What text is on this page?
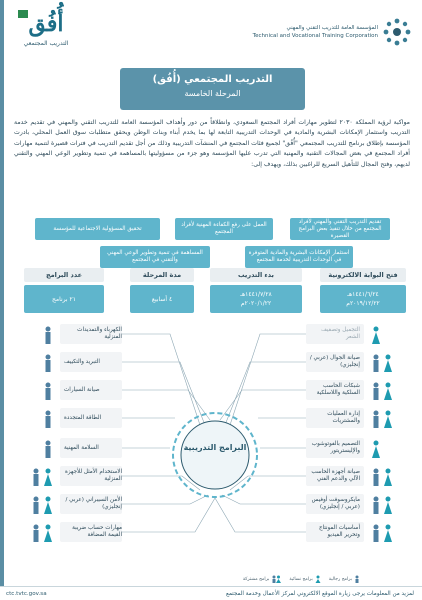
المؤسسة العامة للتدريب التقني والمهني
Technical and Vocational Training Corporation
أُفُق
التدريب المجتمعي
التدريب المجتمعي (أُفُق)
المرحلة الخامسة
مواكبة لرؤية المملكة ٢٠٣٠ لتطوير مهارات أفراد المجتمع السعودي، وانطلاقاً من دور وأهداف المؤسسة العامة للتدريب التقني والمهني في تقديم خدمة التدريب واستثمار الإمكانات البشرية والمادية في الوحدات التدريبية التابعة لها بما يخدم أبناء وبنات الوطن ويحقق متطلبات سوق العمل المحلي، بادرت المؤسسة بإطلاق برنامج للتدريب المجتمعي "أُفُق" لجميع فئات المجتمع في المنشآت التدريبية وذلك من أجل تقديم التدريب في فترات قصيرة لتنمية مهارات أفراد المجتمع في بعض المجالات التقنية والمهنية التي تدرب عليها المؤسسة وهو جزء من مسؤوليتها بالمساهمة في تنمية وتطوير الوعي المهني والتقني لديهم، وفتح المجال للتأهيل السريع للراغبين بذلك، ويهدف إلى:
تقديم التدريب التقني والمهني لأفراد المجتمع من خلال تنفيذ بعض البرامج القصيرة
العمل على رفع الكفاءة المهنية لأفراد المجتمع
تحقيق المسؤولية الاجتماعية للمؤسسة
استثمار الإمكانات البشرية والمادية المتوفرة في الوحدات التدريبية لخدمة المجتمع
المساهمة في تنمية وتطوير الوعي المهني والتقني في المجتمع
فتح البوابة الالكترونية
١٤٤١/٦/٢٤هـ
٢٠١٩/١٢/٢٢م
بدء التدريب
١٤٤١/٧/٢٨هـ
٢٠٢٠/١/٢٢م
مدة المرحلة
٤ أسابيع
عدد البرامج
٢١ برنامج
البرامج التدريبية
التجميل وتصفيف الشعر
صيانة الجوال (عربي / إنجليزي)
شبكات الحاسب السلكية واللاسلكية
إدارة العمليات والمشتريات
التصميم بالفوتوشوب والإليستريتور
صيانة أجهزة الحاسب الآلي والدعم الفني
مايكروسوفت أوفيس (عربي / إنجليزي)
أساسيات المونتاج وتحرير الفيديو
الكهرباء والتمديدات المنزلية
التبريد والتكييف
صيانة السيارات
الطاقة المتجددة
السلامة المهنية
الاستخدام الأمثل للأجهزة المنزلية
الأمن السيبراني (عربي / إنجليزي)
مهارات حساب ضريبة القيمة المضافة
برامج رجالية
برامج نسائية
برامج مشتركة
لمزيد من المعلومات يرجى زيارة الموقع الالكتروني لمركز الأعمال وخدمة المجتمع
ctc.tvtc.gov.sa
